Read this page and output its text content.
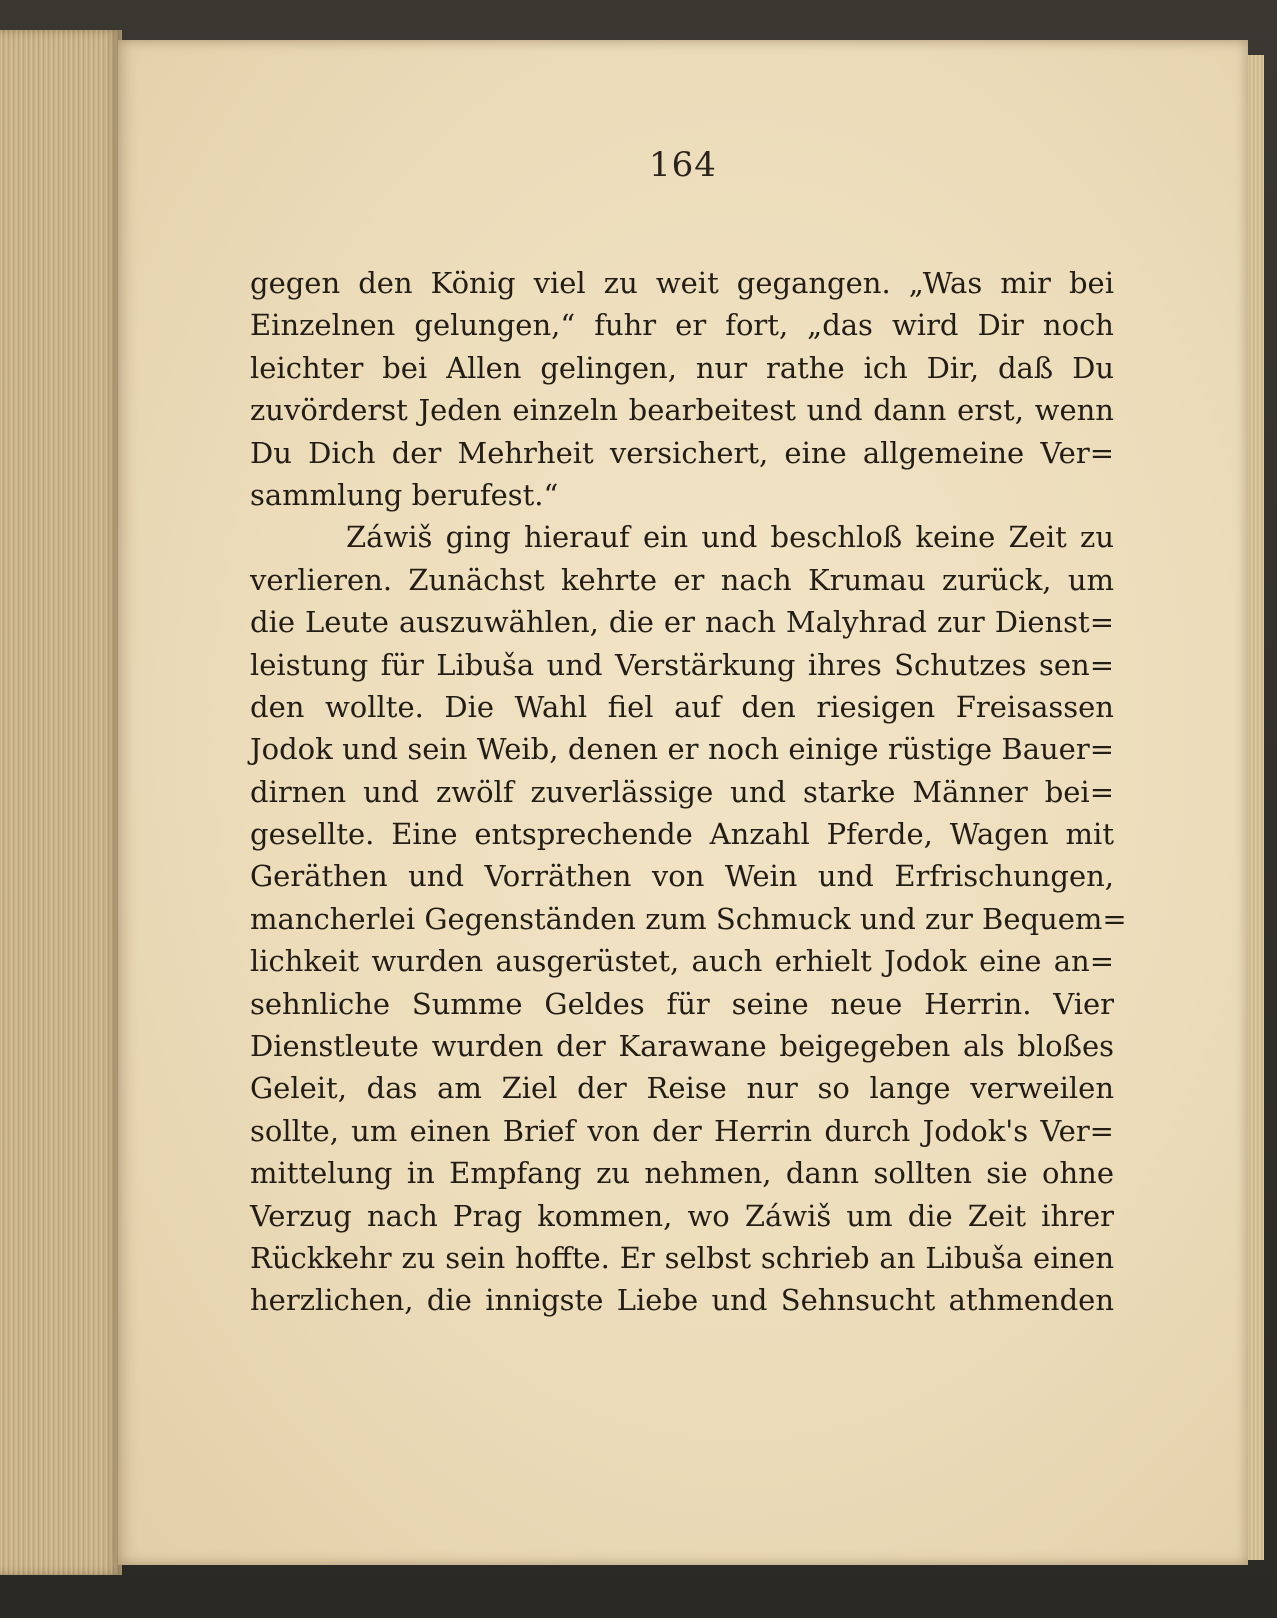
164
gegen den König viel zu weit gegangen. „Was mir bei
Einzelnen gelungen,“ fuhr er fort, „das wird Dir noch
leichter bei Allen gelingen, nur rathe ich Dir, daß Du
zuvörderst Jeden einzeln bearbeitest und dann erst, wenn
Du Dich der Mehrheit versichert, eine allgemeine Ver=
sammlung berufest.“
Záwiš ging hierauf ein und beschloß keine Zeit zu
verlieren. Zunächst kehrte er nach Krumau zurück, um
die Leute auszuwählen, die er nach Malyhrad zur Dienst=
leistung für Libuša und Verstärkung ihres Schutzes sen=
den wollte. Die Wahl fiel auf den riesigen Freisassen
Jodok und sein Weib, denen er noch einige rüstige Bauer=
dirnen und zwölf zuverlässige und starke Männer bei=
gesellte. Eine entsprechende Anzahl Pferde, Wagen mit
Geräthen und Vorräthen von Wein und Erfrischungen,
mancherlei Gegenständen zum Schmuck und zur Bequem=
lichkeit wurden ausgerüstet, auch erhielt Jodok eine an=
sehnliche Summe Geldes für seine neue Herrin. Vier
Dienstleute wurden der Karawane beigegeben als bloßes
Geleit, das am Ziel der Reise nur so lange verweilen
sollte, um einen Brief von der Herrin durch Jodok's Ver=
mittelung in Empfang zu nehmen, dann sollten sie ohne
Verzug nach Prag kommen, wo Záwiš um die Zeit ihrer
Rückkehr zu sein hoffte. Er selbst schrieb an Libuša einen
herzlichen, die innigste Liebe und Sehnsucht athmenden
